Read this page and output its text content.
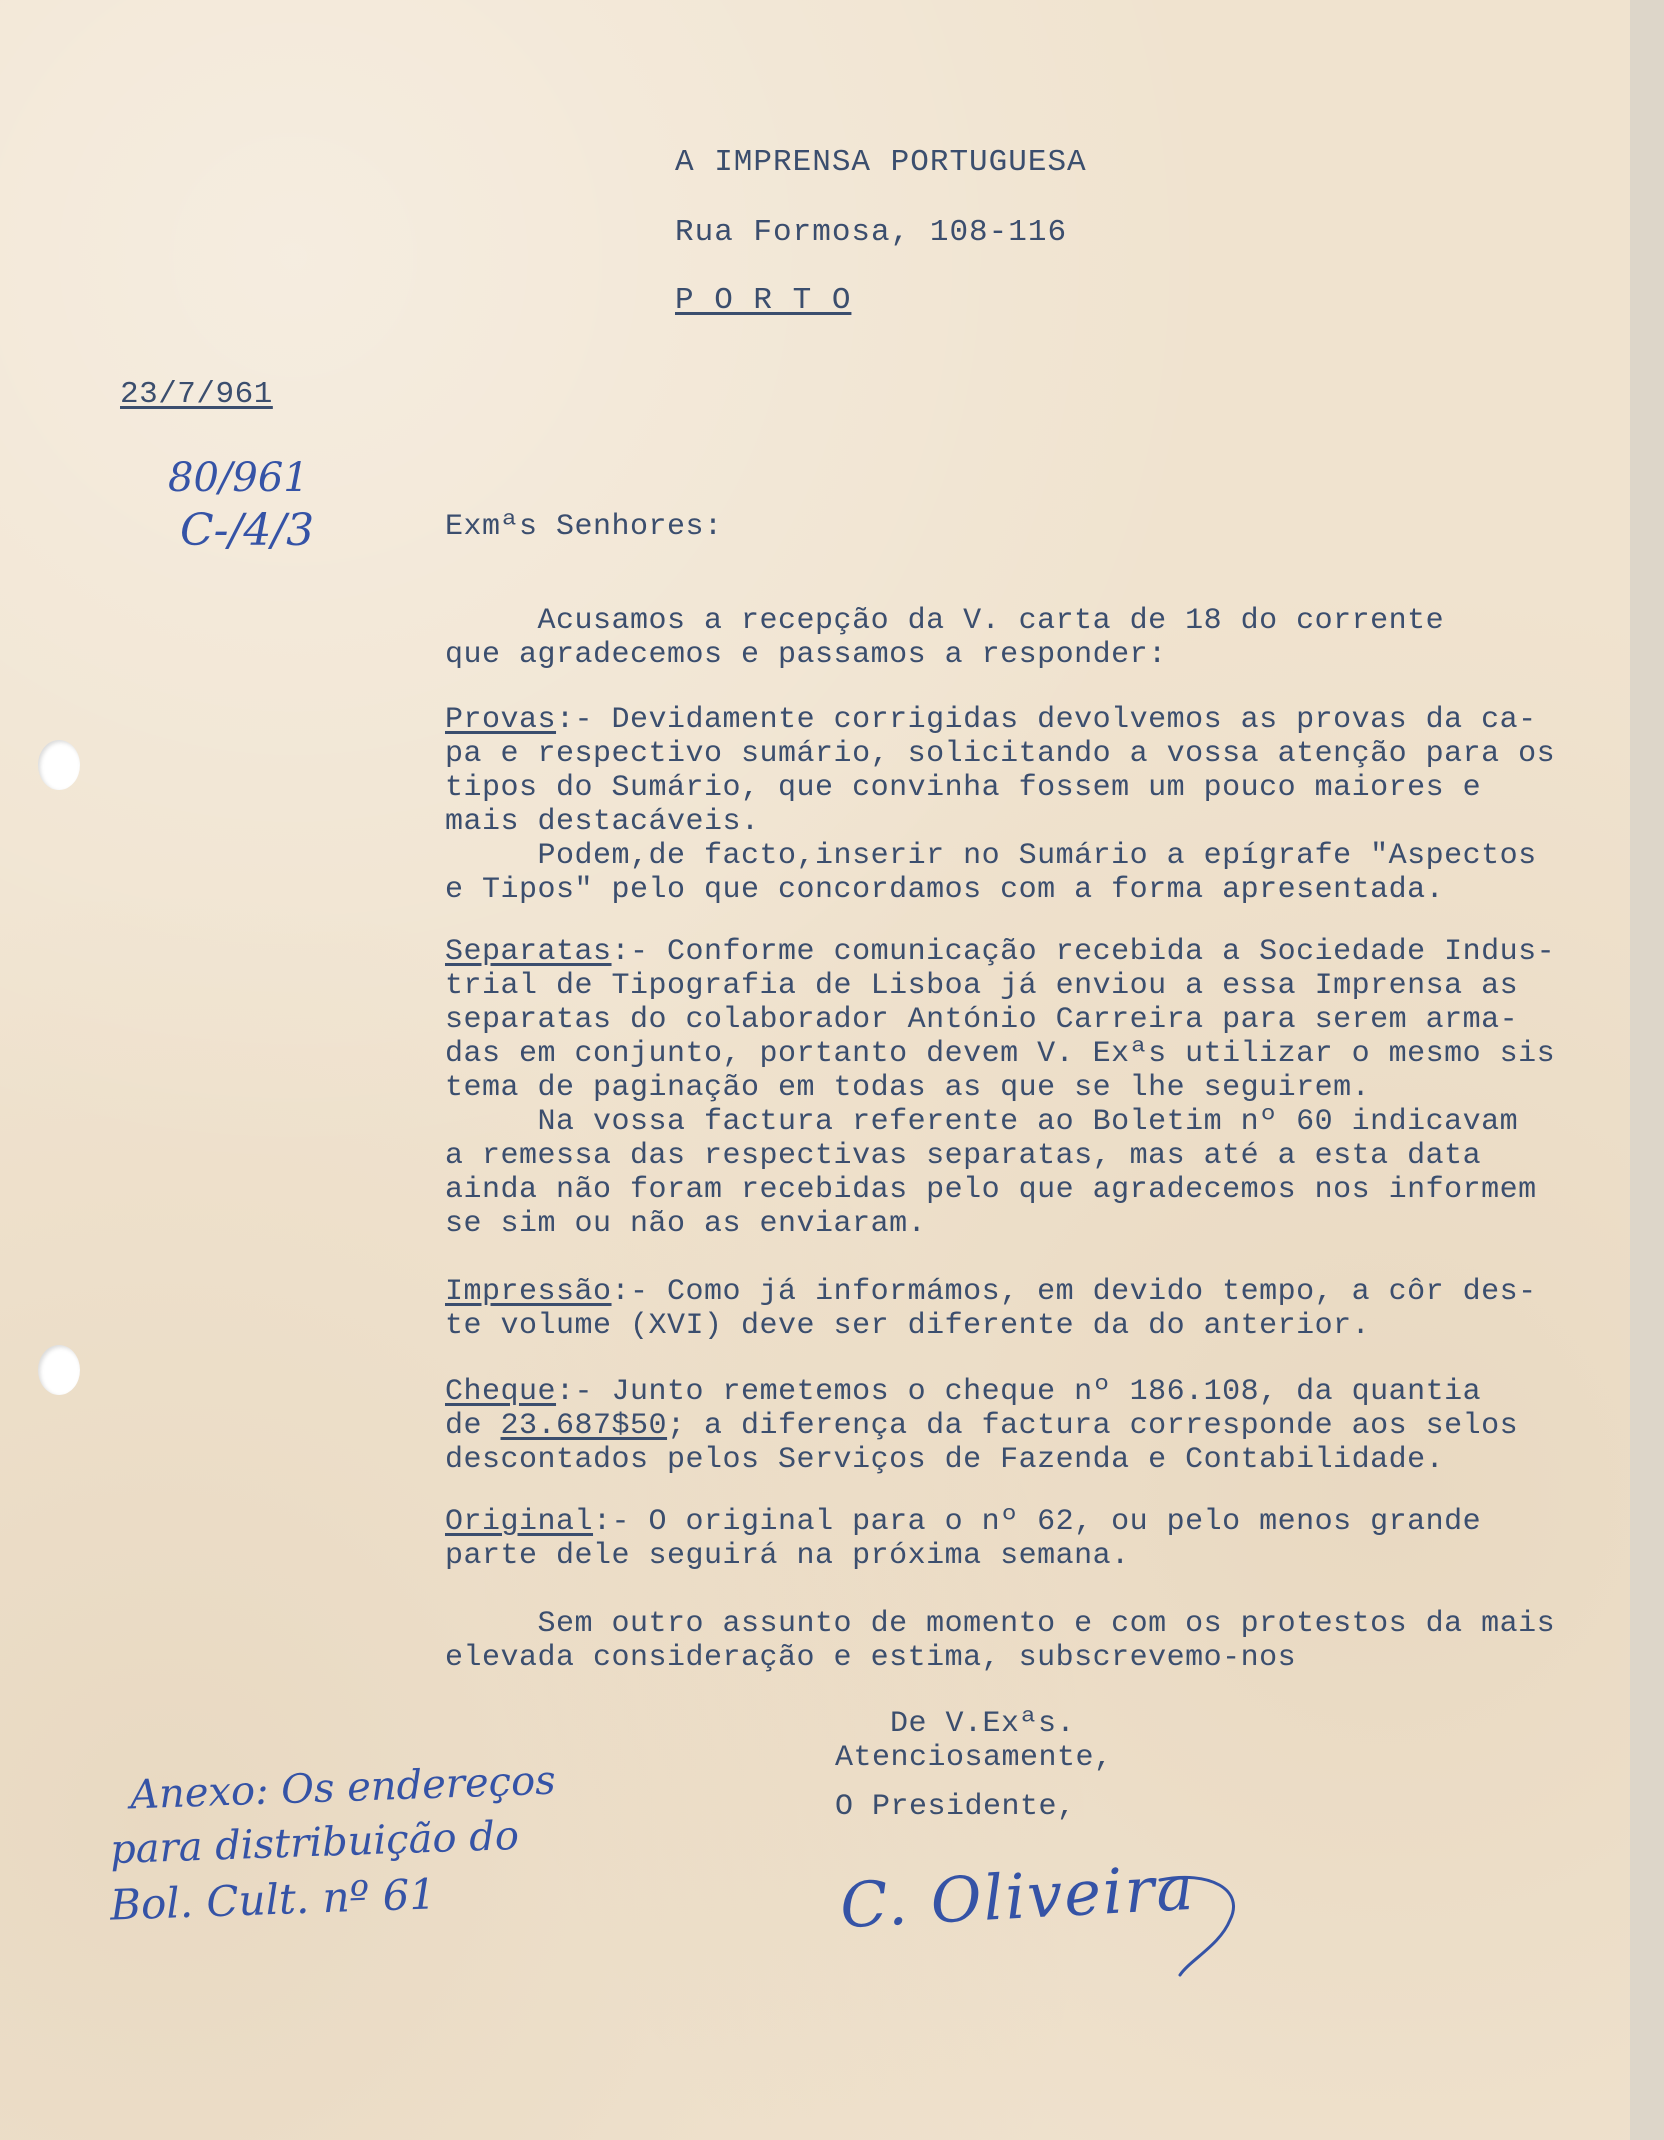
A IMPRENSA PORTUGUESA
Rua Formosa, 108-116
P O R T O
23/7/961
80/961
C-/4/3	Exmªs Senhores:
Acusamos a recepção da V. carta de 18 do corrente
que agradecemos e passamos a responder:
Provas:- Devidamente corrigidas devolvemos as provas da ca-
pa e respectivo sumário, solicitando a vossa atenção para os
tipos do Sumário, que convinha fossem um pouco maiores e
mais destacáveis.
Podem,de facto,inserir no Sumário a epígrafe "Aspectos
e Tipos" pelo que concordamos com a forma apresentada.
Separatas:- Conforme comunicação recebida a Sociedade Indus-
trial de Tipografia de Lisboa já enviou a essa Imprensa as
separatas do colaborador António Carreira para serem arma-
das em conjunto, portanto devem V. Exªs utilizar o mesmo sis
tema de paginação em todas as que se lhe seguirem.
Na vossa factura referente ao Boletim nº 60 indicavam
a remessa das respectivas separatas, mas até a esta data
ainda não foram recebidas pelo que agradecemos nos informem
se sim ou não as enviaram.
Impressão:- Como já informámos, em devido tempo, a côr des-
te volume (XVI) deve ser diferente da do anterior.
Cheque:- Junto remetemos o cheque nº 186.108, da quantia
de 23.687$50; a diferença da factura corresponde aos selos
descontados pelos Serviços de Fazenda e Contabilidade.
Original:- O original para o nº 62, ou pelo menos grande
parte dele seguirá na próxima semana.
Sem outro assunto de momento e com os protestos da mais
elevada consideração e estima, subscrevemo-nos
De V.Exªs.
Atenciosamente,
O Presidente,
C. Oliveira
Anexo: Os endereços
para distribuição do
Bol. Cult. nº 61
